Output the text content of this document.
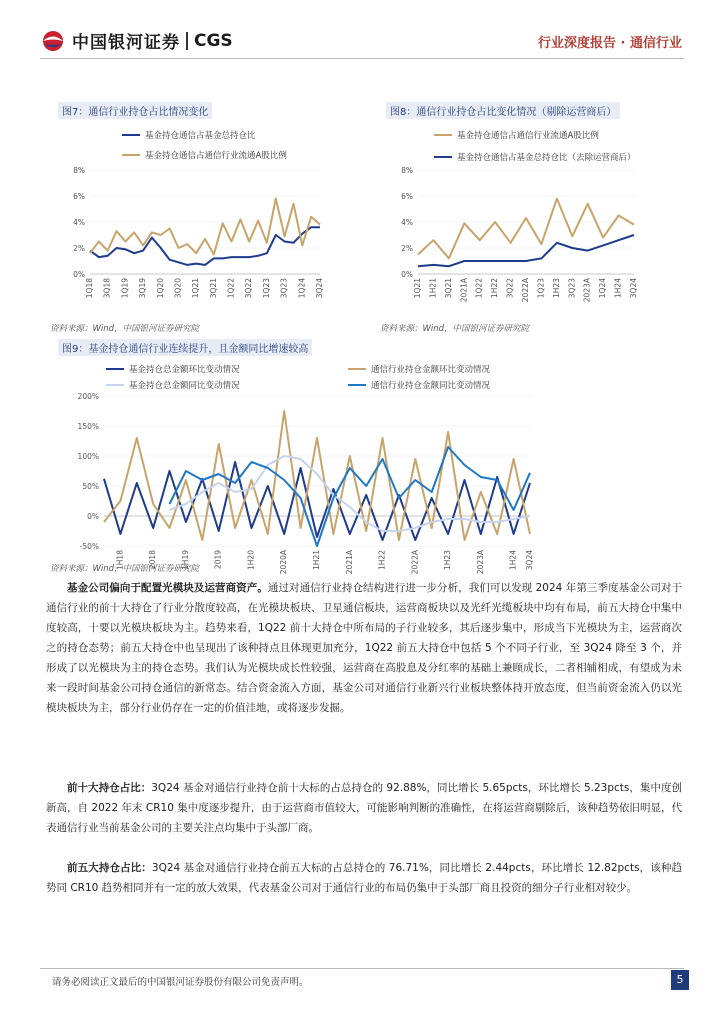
中国银河证券 CGS	行业深度报告 · 通信行业
图7：通信行业持仓占比情况变化
基金持仓通信占基金总持仓比
基金持仓通信占通信行业流通A股比例
0%
2%
4%
6%
8%
1Q18 3Q18 1Q19 3Q19 1Q20 3Q20 1Q21 3Q21 1Q22 3Q22 1Q23 3Q23 1Q24 3Q24
资料来源：Wind，中国银河证券研究院
图8：通信行业持仓占比变化情况（剔除运营商后）
基金持仓通信占通信行业流通A股比例
基金持仓通信占基金总持仓比（去除运营商后）
0%
2%
4%
6%
8%
1Q21 1H21 3Q21 2021A 1Q22 1H22 3Q22 2022A 1Q23 1H23 3Q23 2023A 1Q24 1H24 3Q24
资料来源：Wind，中国银河证券研究院
图9：基金持仓通信行业连续提升，且金额同比增速较高
基金持仓总金额环比变动情况	通信行业持仓金额环比变动情况
基金持仓总金额同比变动情况	通信行业持仓金额同比变动情况
-50%
0%
50%
100%
150%
200%
1H18	2018	1H19	2019	1H20	2020A	1H21	2021A	1H22	2022A	1H23	2023A	1H24 3Q24
资料来源：Wind，中国银河证券研究院
基金公司偏向于配置光模块及运营商资产。通过对通信行业持仓结构进行进一步分析，我们可以发现 2024 年第三季度基金公司对于通信行业的前十大持仓了行业分散度较高，在光模块板块、卫星通信板块，运营商板块以及光纤光缆板块中均有布局，前五大持仓中集中度较高，十要以光模块板块为主。趋势来看，1Q22 前十大持仓中所布局的子行业较多，其后逐步集中，形成当下光模块为主，运营商次之的持仓态势；前五大持仓中也呈现出了该种持点且体现更加充分，1Q22 前五大持仓中包括 5 个不同子行业，至 3Q24 降至 3 个，并形成了以光模块为主的持仓态势。我们认为光模块成长性较强，运营商在高股息及分红率的基础上兼顾成长，二者相辅相成，有望成为未来一段时间基金公司持仓通信的新常态。结合资金流入方面，基金公司对通信行业新兴行业板块整体持开放态度，但当前资金流入仍以光模块板块为主，部分行业仍存在一定的价值洼地，或将逐步发掘。
前十大持仓占比：3Q24 基金对通信行业持仓前十大标的占总持仓的 92.88%，同比增长 5.65pcts，环比增长 5.23pcts，集中度创新高，自 2022 年末 CR10 集中度逐步提升，由于运营商市值较大，可能影响判断的准确性，在将运营商剔除后，该种趋势依旧明显，代表通信行业当前基金公司的主要关注点均集中于头部厂商。
前五大持仓占比：3Q24 基金对通信行业持仓前五大标的占总持仓的 76.71%，同比增长 2.44pcts，环比增长 12.82pcts，该种趋势同 CR10 趋势相同并有一定的放大效果，代表基金公司对于通信行业的布局仍集中于头部厂商且投资的细分子行业相对较少。
请务必阅读正文最后的中国银河证券股份有限公司免责声明。	5
